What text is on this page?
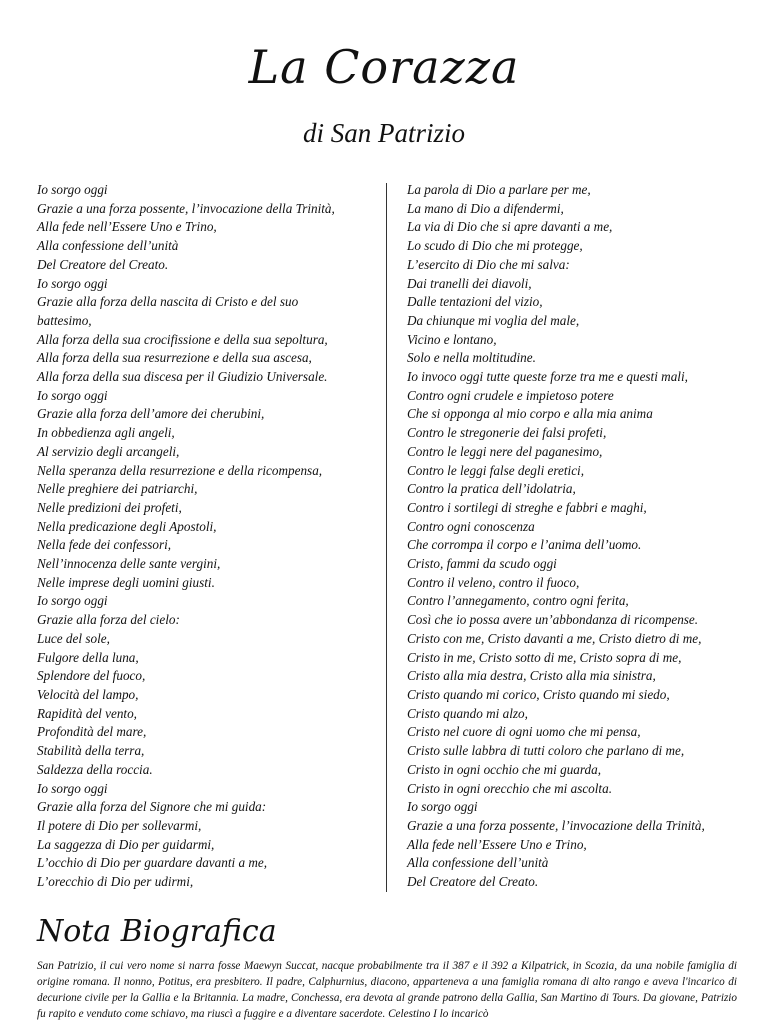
La Corazza
di San Patrizio
Io sorgo oggi
Grazie a una forza possente, l’invocazione della Trinità,
Alla fede nell’Essere Uno e Trino,
Alla confessione dell’unità
Del Creatore del Creato.
Io sorgo oggi
Grazie alla forza della nascita di Cristo e del suo
battesimo,
Alla forza della sua crocifissione e della sua sepoltura,
Alla forza della sua resurrezione e della sua ascesa,
Alla forza della sua discesa per il Giudizio Universale.
Io sorgo oggi
Grazie alla forza dell’amore dei cherubini,
In obbedienza agli angeli,
Al servizio degli arcangeli,
Nella speranza della resurrezione e della ricompensa,
Nelle preghiere dei patriarchi,
Nelle predizioni dei profeti,
Nella predicazione degli Apostoli,
Nella fede dei confessori,
Nell’innocenza delle sante vergini,
Nelle imprese degli uomini giusti.
Io sorgo oggi
Grazie alla forza del cielo:
Luce del sole,
Fulgore della luna,
Splendore del fuoco,
Velocità del lampo,
Rapidità del vento,
Profondità del mare,
Stabilità della terra,
Saldezza della roccia.
Io sorgo oggi
Grazie alla forza del Signore che mi guida:
Il potere di Dio per sollevarmi,
La saggezza di Dio per guidarmi,
L’occhio di Dio per guardare davanti a me,
L’orecchio di Dio per udirmi,
La parola di Dio a parlare per me,
La mano di Dio a difendermi,
La via di Dio che si apre davanti a me,
Lo scudo di Dio che mi protegge,
L’esercito di Dio che mi salva:
Dai tranelli dei diavoli,
Dalle tentazioni del vizio,
Da chiunque mi voglia del male,
Vicino e lontano,
Solo e nella moltitudine.
Io invoco oggi tutte queste forze tra me e questi mali,
Contro ogni crudele e impietoso potere
Che si opponga al mio corpo e alla mia anima
Contro le stregonerie dei falsi profeti,
Contro le leggi nere del paganesimo,
Contro le leggi false degli eretici,
Contro la pratica dell’idolatria,
Contro i sortilegi di streghe e fabbri e maghi,
Contro ogni conoscenza
Che corrompa il corpo e l’anima dell’uomo.
Cristo, fammi da scudo oggi
Contro il veleno, contro il fuoco,
Contro l’annegamento, contro ogni ferita,
Così che io possa avere un’abbondanza di ricompense.
Cristo con me, Cristo davanti a me, Cristo dietro di me,
Cristo in me, Cristo sotto di me, Cristo sopra di me,
Cristo alla mia destra, Cristo alla mia sinistra,
Cristo quando mi corico, Cristo quando mi siedo,
Cristo quando mi alzo,
Cristo nel cuore di ogni uomo che mi pensa,
Cristo sulle labbra di tutti coloro che parlano di me,
Cristo in ogni occhio che mi guarda,
Cristo in ogni orecchio che mi ascolta.
Io sorgo oggi
Grazie a una forza possente, l’invocazione della Trinità,
Alla fede nell’Essere Uno e Trino,
Alla confessione dell’unità
Del Creatore del Creato.
Nota Biografica

San Patrizio, il cui vero nome si narra fosse Maewyn Succat, nacque probabilmente tra il 387 e il 392 a Kilpatrick, in Scozia, da una nobile famiglia di origine romana. Il nonno, Potitus, era presbitero. Il padre, Calphurnius, diacono, apparteneva a una famiglia romana di alto rango e aveva l'incarico di decurione civile per la Gallia e la Britannia. La madre, Conchessa, era devota al grande patrono della Gallia, San Martino di Tours. Da giovane, Patrizio fu rapito e venduto come schiavo, ma riuscì a fuggire e a diventare sacerdote. Celestino I lo incaricò
